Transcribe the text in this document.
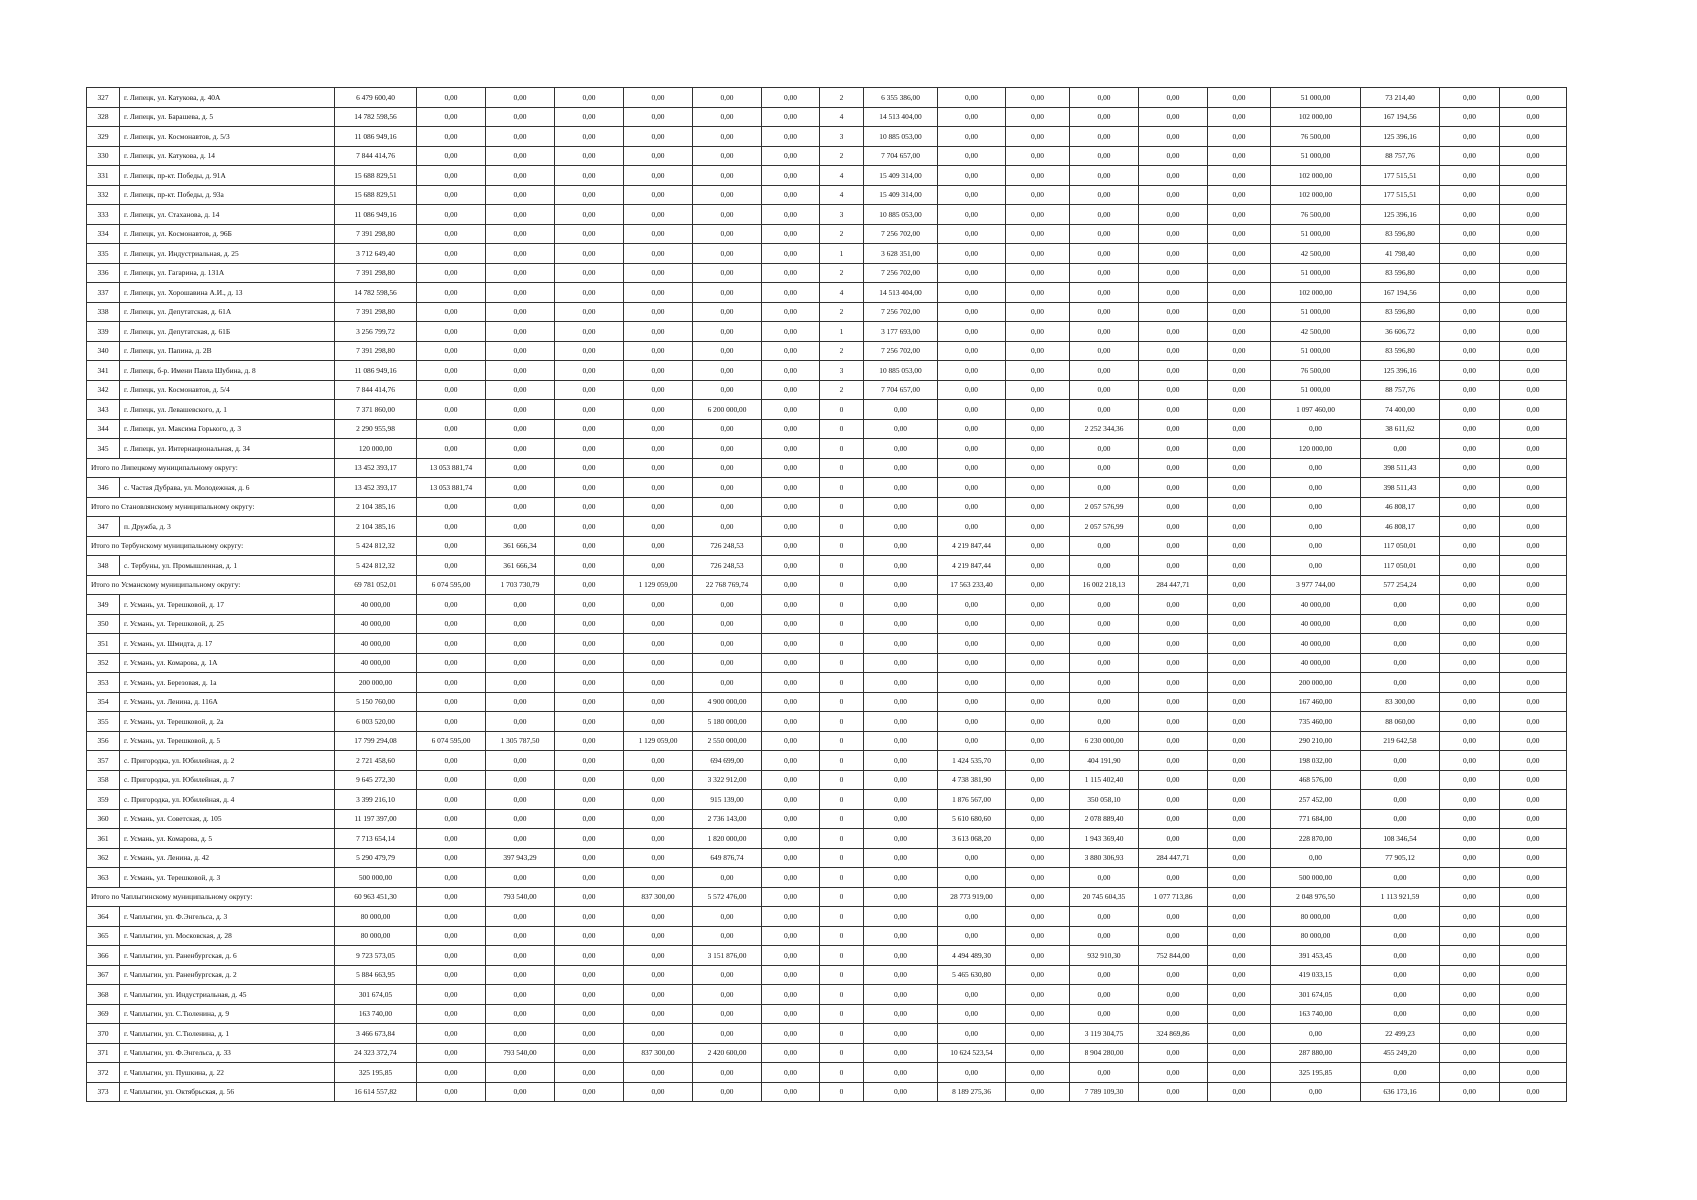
327	г. Липецк, ул. Катукова, д. 40А	6 479 600,40	0,00	0,00	0,00	0,00	0,00	0,00	2	6 355 386,00	0,00	0,00	0,00	0,00	0,00	51 000,00	73 214,40	0,00	0,00
328	г. Липецк, ул. Барашева, д. 5	14 782 598,56	0,00	0,00	0,00	0,00	0,00	0,00	4	14 513 404,00	0,00	0,00	0,00	0,00	0,00	102 000,00	167 194,56	0,00	0,00
329	г. Липецк, ул. Космонавтов, д. 5/3	11 086 949,16	0,00	0,00	0,00	0,00	0,00	0,00	3	10 885 053,00	0,00	0,00	0,00	0,00	0,00	76 500,00	125 396,16	0,00	0,00
330	г. Липецк, ул. Катукова, д. 14	7 844 414,76	0,00	0,00	0,00	0,00	0,00	0,00	2	7 704 657,00	0,00	0,00	0,00	0,00	0,00	51 000,00	88 757,76	0,00	0,00
331	г. Липецк, пр-кт. Победы, д. 91А	15 688 829,51	0,00	0,00	0,00	0,00	0,00	0,00	4	15 409 314,00	0,00	0,00	0,00	0,00	0,00	102 000,00	177 515,51	0,00	0,00
332	г. Липецк, пр-кт. Победы, д. 93а	15 688 829,51	0,00	0,00	0,00	0,00	0,00	0,00	4	15 409 314,00	0,00	0,00	0,00	0,00	0,00	102 000,00	177 515,51	0,00	0,00
333	г. Липецк, ул. Стаханова, д. 14	11 086 949,16	0,00	0,00	0,00	0,00	0,00	0,00	3	10 885 053,00	0,00	0,00	0,00	0,00	0,00	76 500,00	125 396,16	0,00	0,00
334	г. Липецк, ул. Космонавтов, д. 96Б	7 391 298,80	0,00	0,00	0,00	0,00	0,00	0,00	2	7 256 702,00	0,00	0,00	0,00	0,00	0,00	51 000,00	83 596,80	0,00	0,00
335	г. Липецк, ул. Индустриальная, д. 25	3 712 649,40	0,00	0,00	0,00	0,00	0,00	0,00	1	3 628 351,00	0,00	0,00	0,00	0,00	0,00	42 500,00	41 798,40	0,00	0,00
336	г. Липецк, ул. Гагарина, д. 131А	7 391 298,80	0,00	0,00	0,00	0,00	0,00	0,00	2	7 256 702,00	0,00	0,00	0,00	0,00	0,00	51 000,00	83 596,80	0,00	0,00
337	г. Липецк, ул. Хорошавина А.И., д. 13	14 782 598,56	0,00	0,00	0,00	0,00	0,00	0,00	4	14 513 404,00	0,00	0,00	0,00	0,00	0,00	102 000,00	167 194,56	0,00	0,00
338	г. Липецк, ул. Депутатская, д. 61А	7 391 298,80	0,00	0,00	0,00	0,00	0,00	0,00	2	7 256 702,00	0,00	0,00	0,00	0,00	0,00	51 000,00	83 596,80	0,00	0,00
339	г. Липецк, ул. Депутатская, д. 61Б	3 256 799,72	0,00	0,00	0,00	0,00	0,00	0,00	1	3 177 693,00	0,00	0,00	0,00	0,00	0,00	42 500,00	36 606,72	0,00	0,00
340	г. Липецк, ул. Папина, д. 2В	7 391 298,80	0,00	0,00	0,00	0,00	0,00	0,00	2	7 256 702,00	0,00	0,00	0,00	0,00	0,00	51 000,00	83 596,80	0,00	0,00
341	г. Липецк, б-р. Имени Павла Шубина, д. 8	11 086 949,16	0,00	0,00	0,00	0,00	0,00	0,00	3	10 885 053,00	0,00	0,00	0,00	0,00	0,00	76 500,00	125 396,16	0,00	0,00
342	г. Липецк, ул. Космонавтов, д. 5/4	7 844 414,76	0,00	0,00	0,00	0,00	0,00	0,00	2	7 704 657,00	0,00	0,00	0,00	0,00	0,00	51 000,00	88 757,76	0,00	0,00
343	г. Липецк, ул. Левашевского, д. 1	7 371 860,00	0,00	0,00	0,00	0,00	6 200 000,00	0,00	0	0,00	0,00	0,00	0,00	0,00	0,00	1 097 460,00	74 400,00	0,00	0,00
344	г. Липецк, ул. Максима Горького, д. 3	2 290 955,98	0,00	0,00	0,00	0,00	0,00	0,00	0	0,00	0,00	0,00	2 252 344,36	0,00	0,00	0,00	38 611,62	0,00	0,00
345	г. Липецк, ул. Интернациональная, д. 34	120 000,00	0,00	0,00	0,00	0,00	0,00	0,00	0	0,00	0,00	0,00	0,00	0,00	0,00	120 000,00	0,00	0,00	0,00
Итого по Липецкому муниципальному округу:		13 452 393,17	13 053 881,74	0,00	0,00	0,00	0,00	0,00	0	0,00	0,00	0,00	0,00	0,00	0,00	0,00	398 511,43	0,00	0,00
346	с. Частая Дубрава, ул. Молодежная, д. 6	13 452 393,17	13 053 881,74	0,00	0,00	0,00	0,00	0,00	0	0,00	0,00	0,00	0,00	0,00	0,00	0,00	398 511,43	0,00	0,00
Итого по Становлянскому муниципальному округу:		2 104 385,16	0,00	0,00	0,00	0,00	0,00	0,00	0	0,00	0,00	0,00	2 057 576,99	0,00	0,00	0,00	46 808,17	0,00	0,00
347	п. Дружба, д. 3	2 104 385,16	0,00	0,00	0,00	0,00	0,00	0,00	0	0,00	0,00	0,00	2 057 576,99	0,00	0,00	0,00	46 808,17	0,00	0,00
Итого по Тербунскому муниципальному округу:		5 424 812,32	0,00	361 666,34	0,00	0,00	726 248,53	0,00	0	0,00	4 219 847,44	0,00	0,00	0,00	0,00	0,00	117 050,01	0,00	0,00
348	с. Тербуны, ул. Промышленная, д. 1	5 424 812,32	0,00	361 666,34	0,00	0,00	726 248,53	0,00	0	0,00	4 219 847,44	0,00	0,00	0,00	0,00	0,00	117 050,01	0,00	0,00
Итого по Усманскому муниципальному округу:		69 781 052,01	6 074 595,00	1 703 730,79	0,00	1 129 059,00	22 768 769,74	0,00	0	0,00	17 563 233,40	0,00	16 002 218,13	284 447,71	0,00	3 977 744,00	577 254,24	0,00	0,00
349	г. Усмань, ул. Терешковой, д. 17	40 000,00	0,00	0,00	0,00	0,00	0,00	0,00	0	0,00	0,00	0,00	0,00	0,00	0,00	40 000,00	0,00	0,00	0,00
350	г. Усмань, ул. Терешковой, д. 25	40 000,00	0,00	0,00	0,00	0,00	0,00	0,00	0	0,00	0,00	0,00	0,00	0,00	0,00	40 000,00	0,00	0,00	0,00
351	г. Усмань, ул. Шмидта, д. 17	40 000,00	0,00	0,00	0,00	0,00	0,00	0,00	0	0,00	0,00	0,00	0,00	0,00	0,00	40 000,00	0,00	0,00	0,00
352	г. Усмань, ул. Комарова, д. 1А	40 000,00	0,00	0,00	0,00	0,00	0,00	0,00	0	0,00	0,00	0,00	0,00	0,00	0,00	40 000,00	0,00	0,00	0,00
353	г. Усмань, ул. Березовая, д. 1а	200 000,00	0,00	0,00	0,00	0,00	0,00	0,00	0	0,00	0,00	0,00	0,00	0,00	0,00	200 000,00	0,00	0,00	0,00
354	г. Усмань, ул. Ленина, д. 116А	5 150 760,00	0,00	0,00	0,00	0,00	4 900 000,00	0,00	0	0,00	0,00	0,00	0,00	0,00	0,00	167 460,00	83 300,00	0,00	0,00
355	г. Усмань, ул. Терешковой, д. 2а	6 003 520,00	0,00	0,00	0,00	0,00	5 180 000,00	0,00	0	0,00	0,00	0,00	0,00	0,00	0,00	735 460,00	88 060,00	0,00	0,00
356	г. Усмань, ул. Терешковой, д. 5	17 799 294,08	6 074 595,00	1 305 787,50	0,00	1 129 059,00	2 550 000,00	0,00	0	0,00	0,00	0,00	6 230 000,00	0,00	0,00	290 210,00	219 642,58	0,00	0,00
357	с. Пригородка, ул. Юбилейная, д. 2	2 721 458,60	0,00	0,00	0,00	0,00	694 699,00	0,00	0	0,00	1 424 535,70	0,00	404 191,90	0,00	0,00	198 032,00	0,00	0,00	0,00
358	с. Пригородка, ул. Юбилейная, д. 7	9 645 272,30	0,00	0,00	0,00	0,00	3 322 912,00	0,00	0	0,00	4 738 381,90	0,00	1 115 402,40	0,00	0,00	468 576,00	0,00	0,00	0,00
359	с. Пригородка, ул. Юбилейная, д. 4	3 399 216,10	0,00	0,00	0,00	0,00	915 139,00	0,00	0	0,00	1 876 567,00	0,00	350 058,10	0,00	0,00	257 452,00	0,00	0,00	0,00
360	г. Усмань, ул. Советская, д. 105	11 197 397,00	0,00	0,00	0,00	0,00	2 736 143,00	0,00	0	0,00	5 610 680,60	0,00	2 078 889,40	0,00	0,00	771 684,00	0,00	0,00	0,00
361	г. Усмань, ул. Комарова, д. 5	7 713 654,14	0,00	0,00	0,00	0,00	1 820 000,00	0,00	0	0,00	3 613 068,20	0,00	1 943 369,40	0,00	0,00	228 870,00	108 346,54	0,00	0,00
362	г. Усмань, ул. Ленина, д. 42	5 290 479,79	0,00	397 943,29	0,00	0,00	649 876,74	0,00	0	0,00	0,00	0,00	3 880 306,93	284 447,71	0,00	0,00	77 905,12	0,00	0,00
363	г. Усмань, ул. Терешковой, д. 3	500 000,00	0,00	0,00	0,00	0,00	0,00	0,00	0	0,00	0,00	0,00	0,00	0,00	0,00	500 000,00	0,00	0,00	0,00
Итого по Чаплыгинскому муниципальному округу:		60 963 451,30	0,00	793 540,00	0,00	837 300,00	5 572 476,00	0,00	0	0,00	28 773 919,00	0,00	20 745 604,35	1 077 713,86	0,00	2 048 976,50	1 113 921,59	0,00	0,00
364	г. Чаплыгин, ул. Ф.Энгельса, д. 3	80 000,00	0,00	0,00	0,00	0,00	0,00	0,00	0	0,00	0,00	0,00	0,00	0,00	0,00	80 000,00	0,00	0,00	0,00
365	г. Чаплыгин, ул. Московская, д. 28	80 000,00	0,00	0,00	0,00	0,00	0,00	0,00	0	0,00	0,00	0,00	0,00	0,00	0,00	80 000,00	0,00	0,00	0,00
366	г. Чаплыгин, ул. Раненбургская, д. 6	9 723 573,05	0,00	0,00	0,00	0,00	3 151 876,00	0,00	0	0,00	4 494 489,30	0,00	932 910,30	752 844,00	0,00	391 453,45	0,00	0,00	0,00
367	г. Чаплыгин, ул. Раненбургская, д. 2	5 884 663,95	0,00	0,00	0,00	0,00	0,00	0,00	0	0,00	5 465 630,80	0,00	0,00	0,00	0,00	419 033,15	0,00	0,00	0,00
368	г. Чаплыгин, ул. Индустриальная, д. 45	301 674,05	0,00	0,00	0,00	0,00	0,00	0,00	0	0,00	0,00	0,00	0,00	0,00	0,00	301 674,05	0,00	0,00	0,00
369	г. Чаплыгин, ул. С.Тюленина, д. 9	163 740,00	0,00	0,00	0,00	0,00	0,00	0,00	0	0,00	0,00	0,00	0,00	0,00	0,00	163 740,00	0,00	0,00	0,00
370	г. Чаплыгин, ул. С.Тюленина, д. 1	3 466 673,84	0,00	0,00	0,00	0,00	0,00	0,00	0	0,00	0,00	0,00	3 119 304,75	324 869,86	0,00	0,00	22 499,23	0,00	0,00
371	г. Чаплыгин, ул. Ф.Энгельса, д. 33	24 323 372,74	0,00	793 540,00	0,00	837 300,00	2 420 600,00	0,00	0	0,00	10 624 523,54	0,00	8 904 280,00	0,00	0,00	287 880,00	455 249,20	0,00	0,00
372	г. Чаплыгин, ул. Пушкина, д. 22	325 195,85	0,00	0,00	0,00	0,00	0,00	0,00	0	0,00	0,00	0,00	0,00	0,00	0,00	325 195,85	0,00	0,00	0,00
373	г. Чаплыгин, ул. Октябрьская, д. 56	16 614 557,82	0,00	0,00	0,00	0,00	0,00	0,00	0	0,00	8 189 275,36	0,00	7 789 109,30	0,00	0,00	0,00	636 173,16	0,00	0,00
